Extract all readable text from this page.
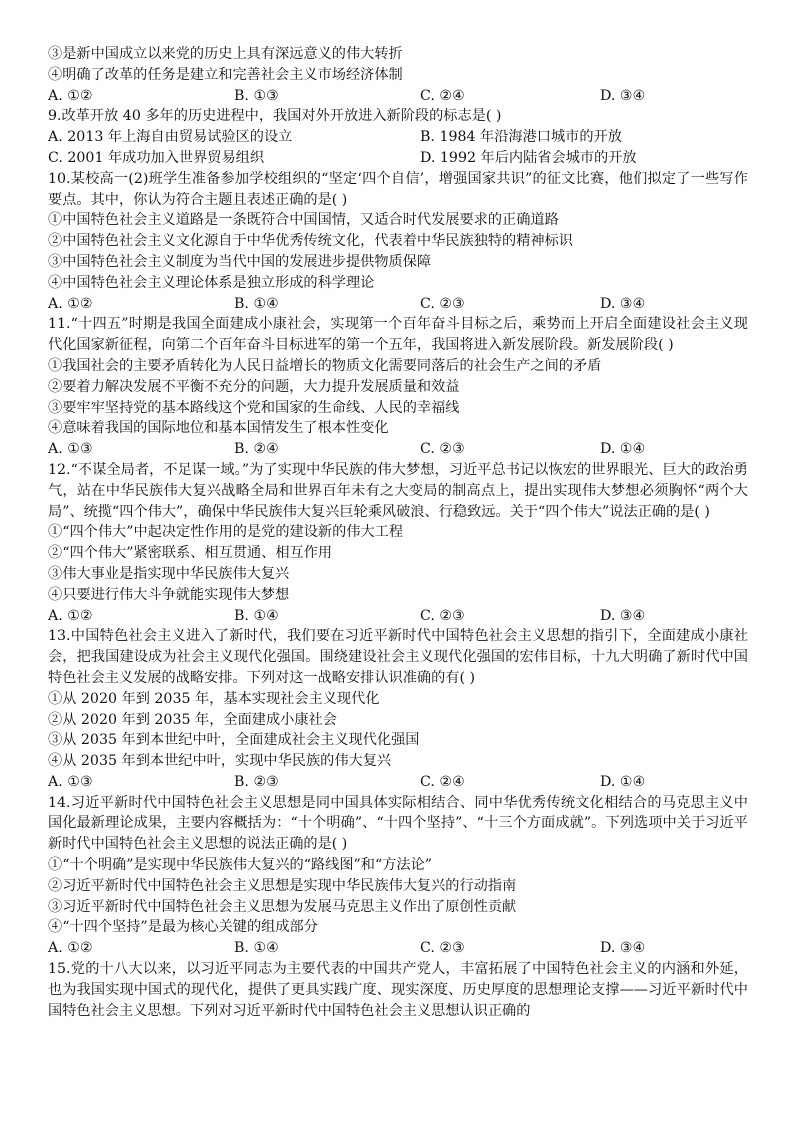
③是新中国成立以来党的历史上具有深远意义的伟大转折
④明确了改革的任务是建立和完善社会主义市场经济体制
A. ①②	B. ①③	C. ②④	D. ③④
9.改革开放 40 多年的历史进程中，我国对外开放进入新阶段的标志是( )
A. 2013 年上海自由贸易试验区的设立	B. 1984 年沿海港口城市的开放
C. 2001 年成功加入世界贸易组织	D. 1992 年后内陆省会城市的开放
10.某校高一(2)班学生准备参加学校组织的“坚定‘四个自信’，增强国家共识”的征文比赛，他们拟定了一些写作要点。其中，你认为符合主题且表述正确的是( )
①中国特色社会主义道路是一条既符合中国国情，又适合时代发展要求的正确道路
②中国特色社会主义文化源自于中华优秀传统文化，代表着中华民族独特的精神标识
③中国特色社会主义制度为当代中国的发展进步提供物质保障
④中国特色社会主义理论体系是独立形成的科学理论
A. ①②	B. ①④	C. ②③	D. ③④
11.“十四五”时期是我国全面建成小康社会，实现第一个百年奋斗目标之后，乘势而上开启全面建设社会主义现代化国家新征程，向第二个百年奋斗目标进军的第一个五年，我国将进入新发展阶段。新发展阶段( )
①我国社会的主要矛盾转化为人民日益增长的物质文化需要同落后的社会生产之间的矛盾
②要着力解决发展不平衡不充分的问题，大力提升发展质量和效益
③要牢牢坚持党的基本路线这个党和国家的生命线、人民的幸福线
④意味着我国的国际地位和基本国情发生了根本性变化
A. ①③	B. ②④	C. ②③	D. ①④
12.“不谋全局者，不足谋一域。”为了实现中华民族的伟大梦想，习近平总书记以恢宏的世界眼光、巨大的政治勇气，站在中华民族伟大复兴战略全局和世界百年未有之大变局的制高点上，提出实现伟大梦想必须胸怀“两个大局”、统揽“四个伟大”，确保中华民族伟大复兴巨轮乘风破浪、行稳致远。关于“四个伟大”说法正确的是( )
①“四个伟大”中起决定性作用的是党的建设新的伟大工程
②“四个伟大”紧密联系、相互贯通、相互作用
③伟大事业是指实现中华民族伟大复兴
④只要进行伟大斗争就能实现伟大梦想
A. ①②	B. ①④	C. ②③	D. ③④
13.中国特色社会主义进入了新时代，我们要在习近平新时代中国特色社会主义思想的指引下，全面建成小康社会，把我国建设成为社会主义现代化强国。围绕建设社会主义现代化强国的宏伟目标，十九大明确了新时代中国特色社会主义发展的战略安排。下列对这一战略安排认识准确的有( )
①从 2020 年到 2035 年，基本实现社会主义现代化
②从 2020 年到 2035 年，全面建成小康社会
③从 2035 年到本世纪中叶，全面建成社会主义现代化强国
④从 2035 年到本世纪中叶，实现中华民族的伟大复兴
A. ①③	B. ②③	C. ②④	D. ①④
14.习近平新时代中国特色社会主义思想是同中国具体实际相结合、同中华优秀传统文化相结合的马克思主义中国化最新理论成果，主要内容概括为：“十个明确”、“十四个坚持”、“十三个方面成就”。下列选项中关于习近平新时代中国特色社会主义思想的说法正确的是( )
①“十个明确”是实现中华民族伟大复兴的“路线图”和“方法论”
②习近平新时代中国特色社会主义思想是实现中华民族伟大复兴的行动指南
③习近平新时代中国特色社会主义思想为发展马克思主义作出了原创性贡献
④“十四个坚持”是最为核心关键的组成部分
A. ①②	B. ①④	C. ②③	D. ③④
15.党的十八大以来，以习近平同志为主要代表的中国共产党人，丰富拓展了中国特色社会主义的内涵和外延，也为我国实现中国式的现代化，提供了更具实践广度、现实深度、历史厚度的思想理论支撑——习近平新时代中国特色社会主义思想。下列对习近平新时代中国特色社会主义思想认识正确的
